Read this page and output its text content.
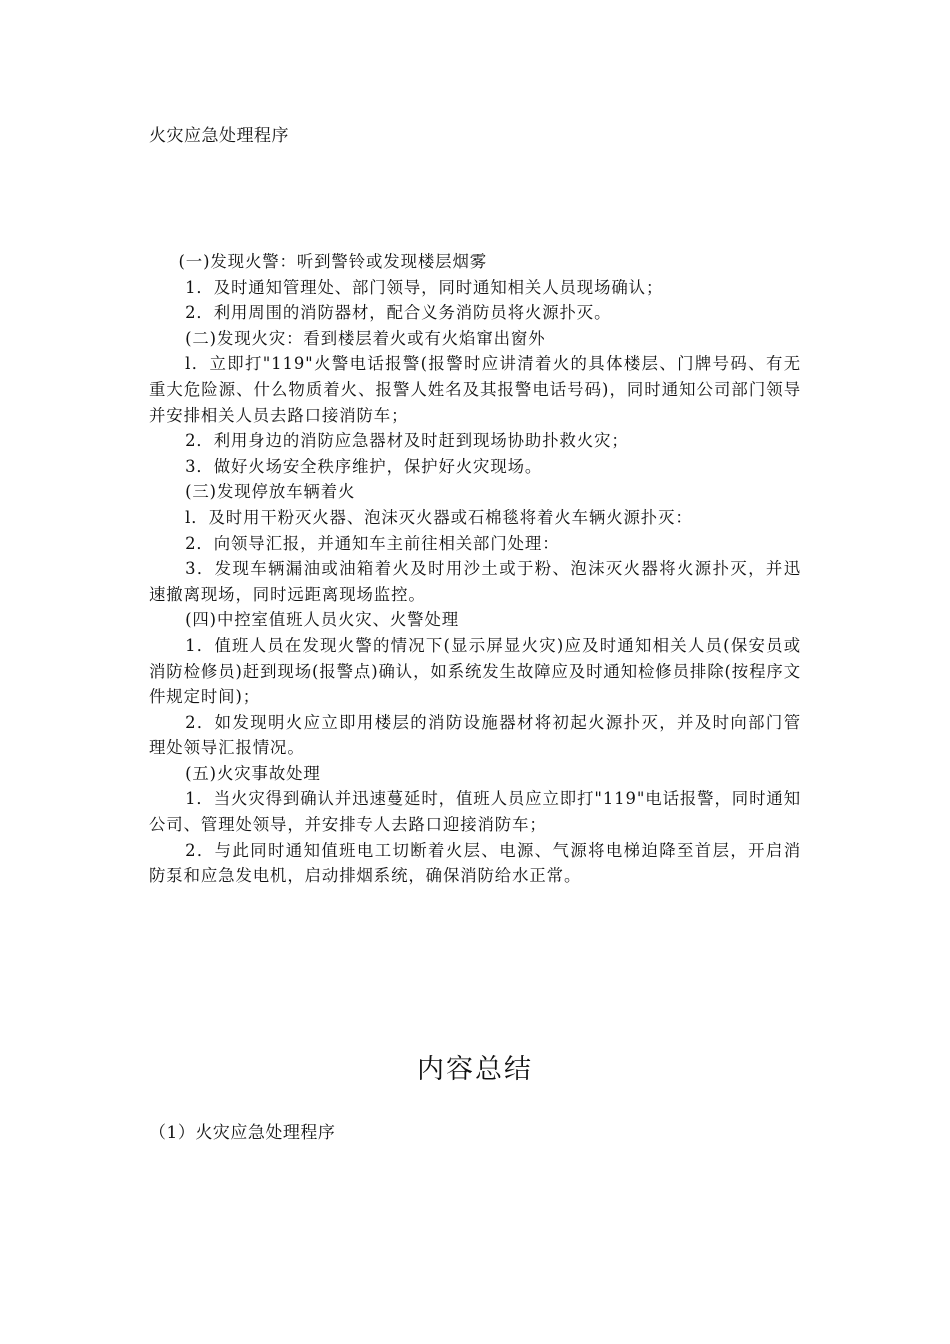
火灾应急处理程序

(一)发现火警：听到警铃或发现楼层烟雾

1．及时通知管理处、部门领导，同时通知相关人员现场确认；

2．利用周围的消防器材，配合义务消防员将火源扑灭。

(二)发现火灾：看到楼层着火或有火焰窜出窗外

l．立即打"119"火警电话报警(报警时应讲清着火的具体楼层、门牌号码、有无重大危险源、什么物质着火、报警人姓名及其报警电话号码)，同时通知公司部门领导并安排相关人员去路口接消防车；

2．利用身边的消防应急器材及时赶到现场协助扑救火灾；

3．做好火场安全秩序维护，保护好火灾现场。

(三)发现停放车辆着火

l．及时用干粉灭火器、泡沫灭火器或石棉毯将着火车辆火源扑灭：

2．向领导汇报，并通知车主前往相关部门处理：

3．发现车辆漏油或油箱着火及时用沙土或于粉、泡沫灭火器将火源扑灭，并迅速撤离现场，同时远距离现场监控。

(四)中控室值班人员火灾、火警处理

1．值班人员在发现火警的情况下(显示屏显火灾)应及时通知相关人员(保安员或消防检修员)赶到现场(报警点)确认，如系统发生故障应及时通知检修员排除(按程序文件规定时间)；

2．如发现明火应立即用楼层的消防设施器材将初起火源扑灭，并及时向部门管理处领导汇报情况。

(五)火灾事故处理

1．当火灾得到确认并迅速蔓延时，值班人员应立即打"119"电话报警，同时通知公司、管理处领导，并安排专人去路口迎接消防车；

2．与此同时通知值班电工切断着火层、电源、气源将电梯迫降至首层，开启消防泵和应急发电机，启动排烟系统，确保消防给水正常。

内容总结

（1）火灾应急处理程序
